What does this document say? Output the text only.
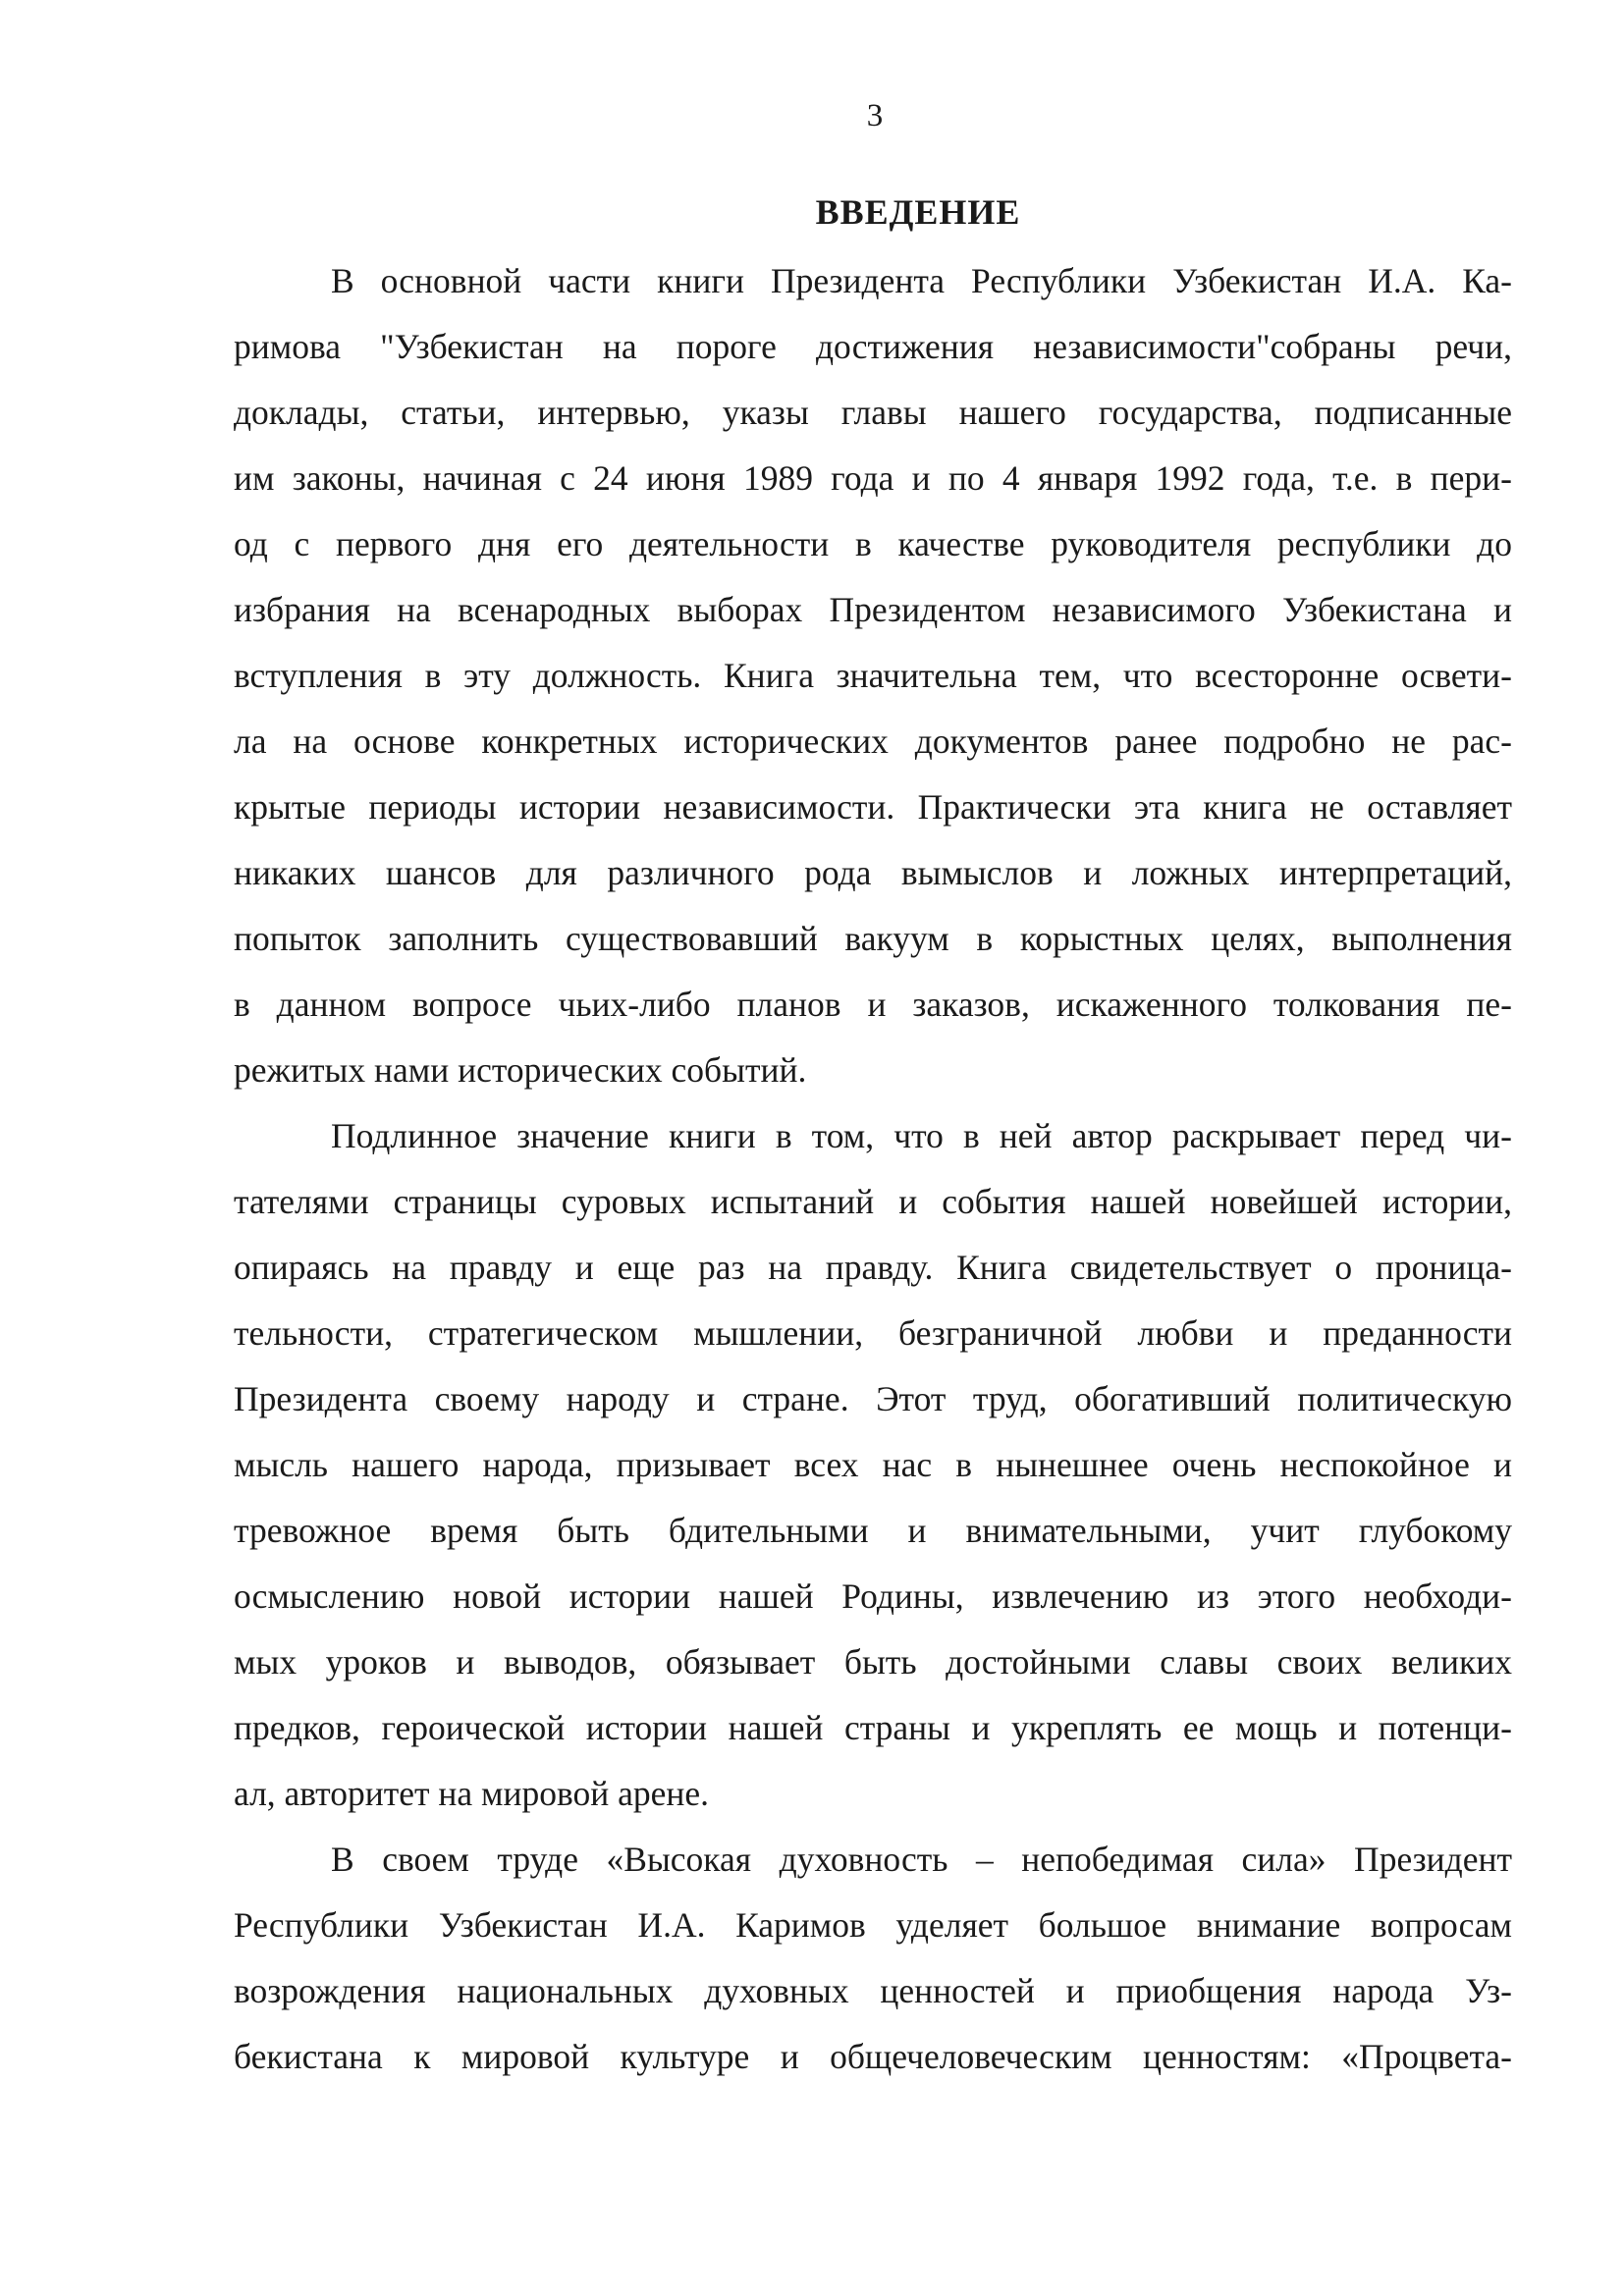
3
ВВЕДЕНИЕ
В основной части книги Президента Республики Узбекистан И.А. Ка-
римова "Узбекистан на пороге достижения независимости"собраны речи,
доклады, статьи, интервью, указы главы нашего государства, подписанные
им законы, начиная с 24 июня 1989 года и по 4 января 1992 года, т.е. в пери-
од с первого дня его деятельности в качестве руководителя республики до
избрания на всенародных выборах Президентом независимого Узбекистана и
вступления в эту должность. Книга значительна тем, что всесторонне освети-
ла на основе конкретных исторических документов ранее подробно не рас-
крытые периоды истории независимости. Практически эта книга не оставляет
никаких шансов для различного рода вымыслов и ложных интерпретаций,
попыток заполнить существовавший вакуум в корыстных целях, выполнения
в данном вопросе чьих-либо планов и заказов, искаженного толкования пе-
режитых нами исторических событий.
Подлинное значение книги в том, что в ней автор раскрывает перед чи-
тателями страницы суровых испытаний и события нашей новейшей истории,
опираясь на правду и еще раз на правду. Книга свидетельствует о проница-
тельности, стратегическом мышлении, безграничной любви и преданности
Президента своему народу и стране. Этот труд, обогативший политическую
мысль нашего народа, призывает всех нас в нынешнее очень неспокойное и
тревожное время быть бдительными и внимательными, учит глубокому
осмыслению новой истории нашей Родины, извлечению из этого необходи-
мых уроков и выводов, обязывает быть достойными славы своих великих
предков, героической истории нашей страны и укреплять ее мощь и потенци-
ал, авторитет на мировой арене.
В своем труде «Высокая духовность – непобедимая сила» Президент
Республики Узбекистан И.А. Каримов уделяет большое внимание вопросам
возрождения национальных духовных ценностей и приобщения народа Уз-
бекистана к мировой культуре и общечеловеческим ценностям: «Процвета-
